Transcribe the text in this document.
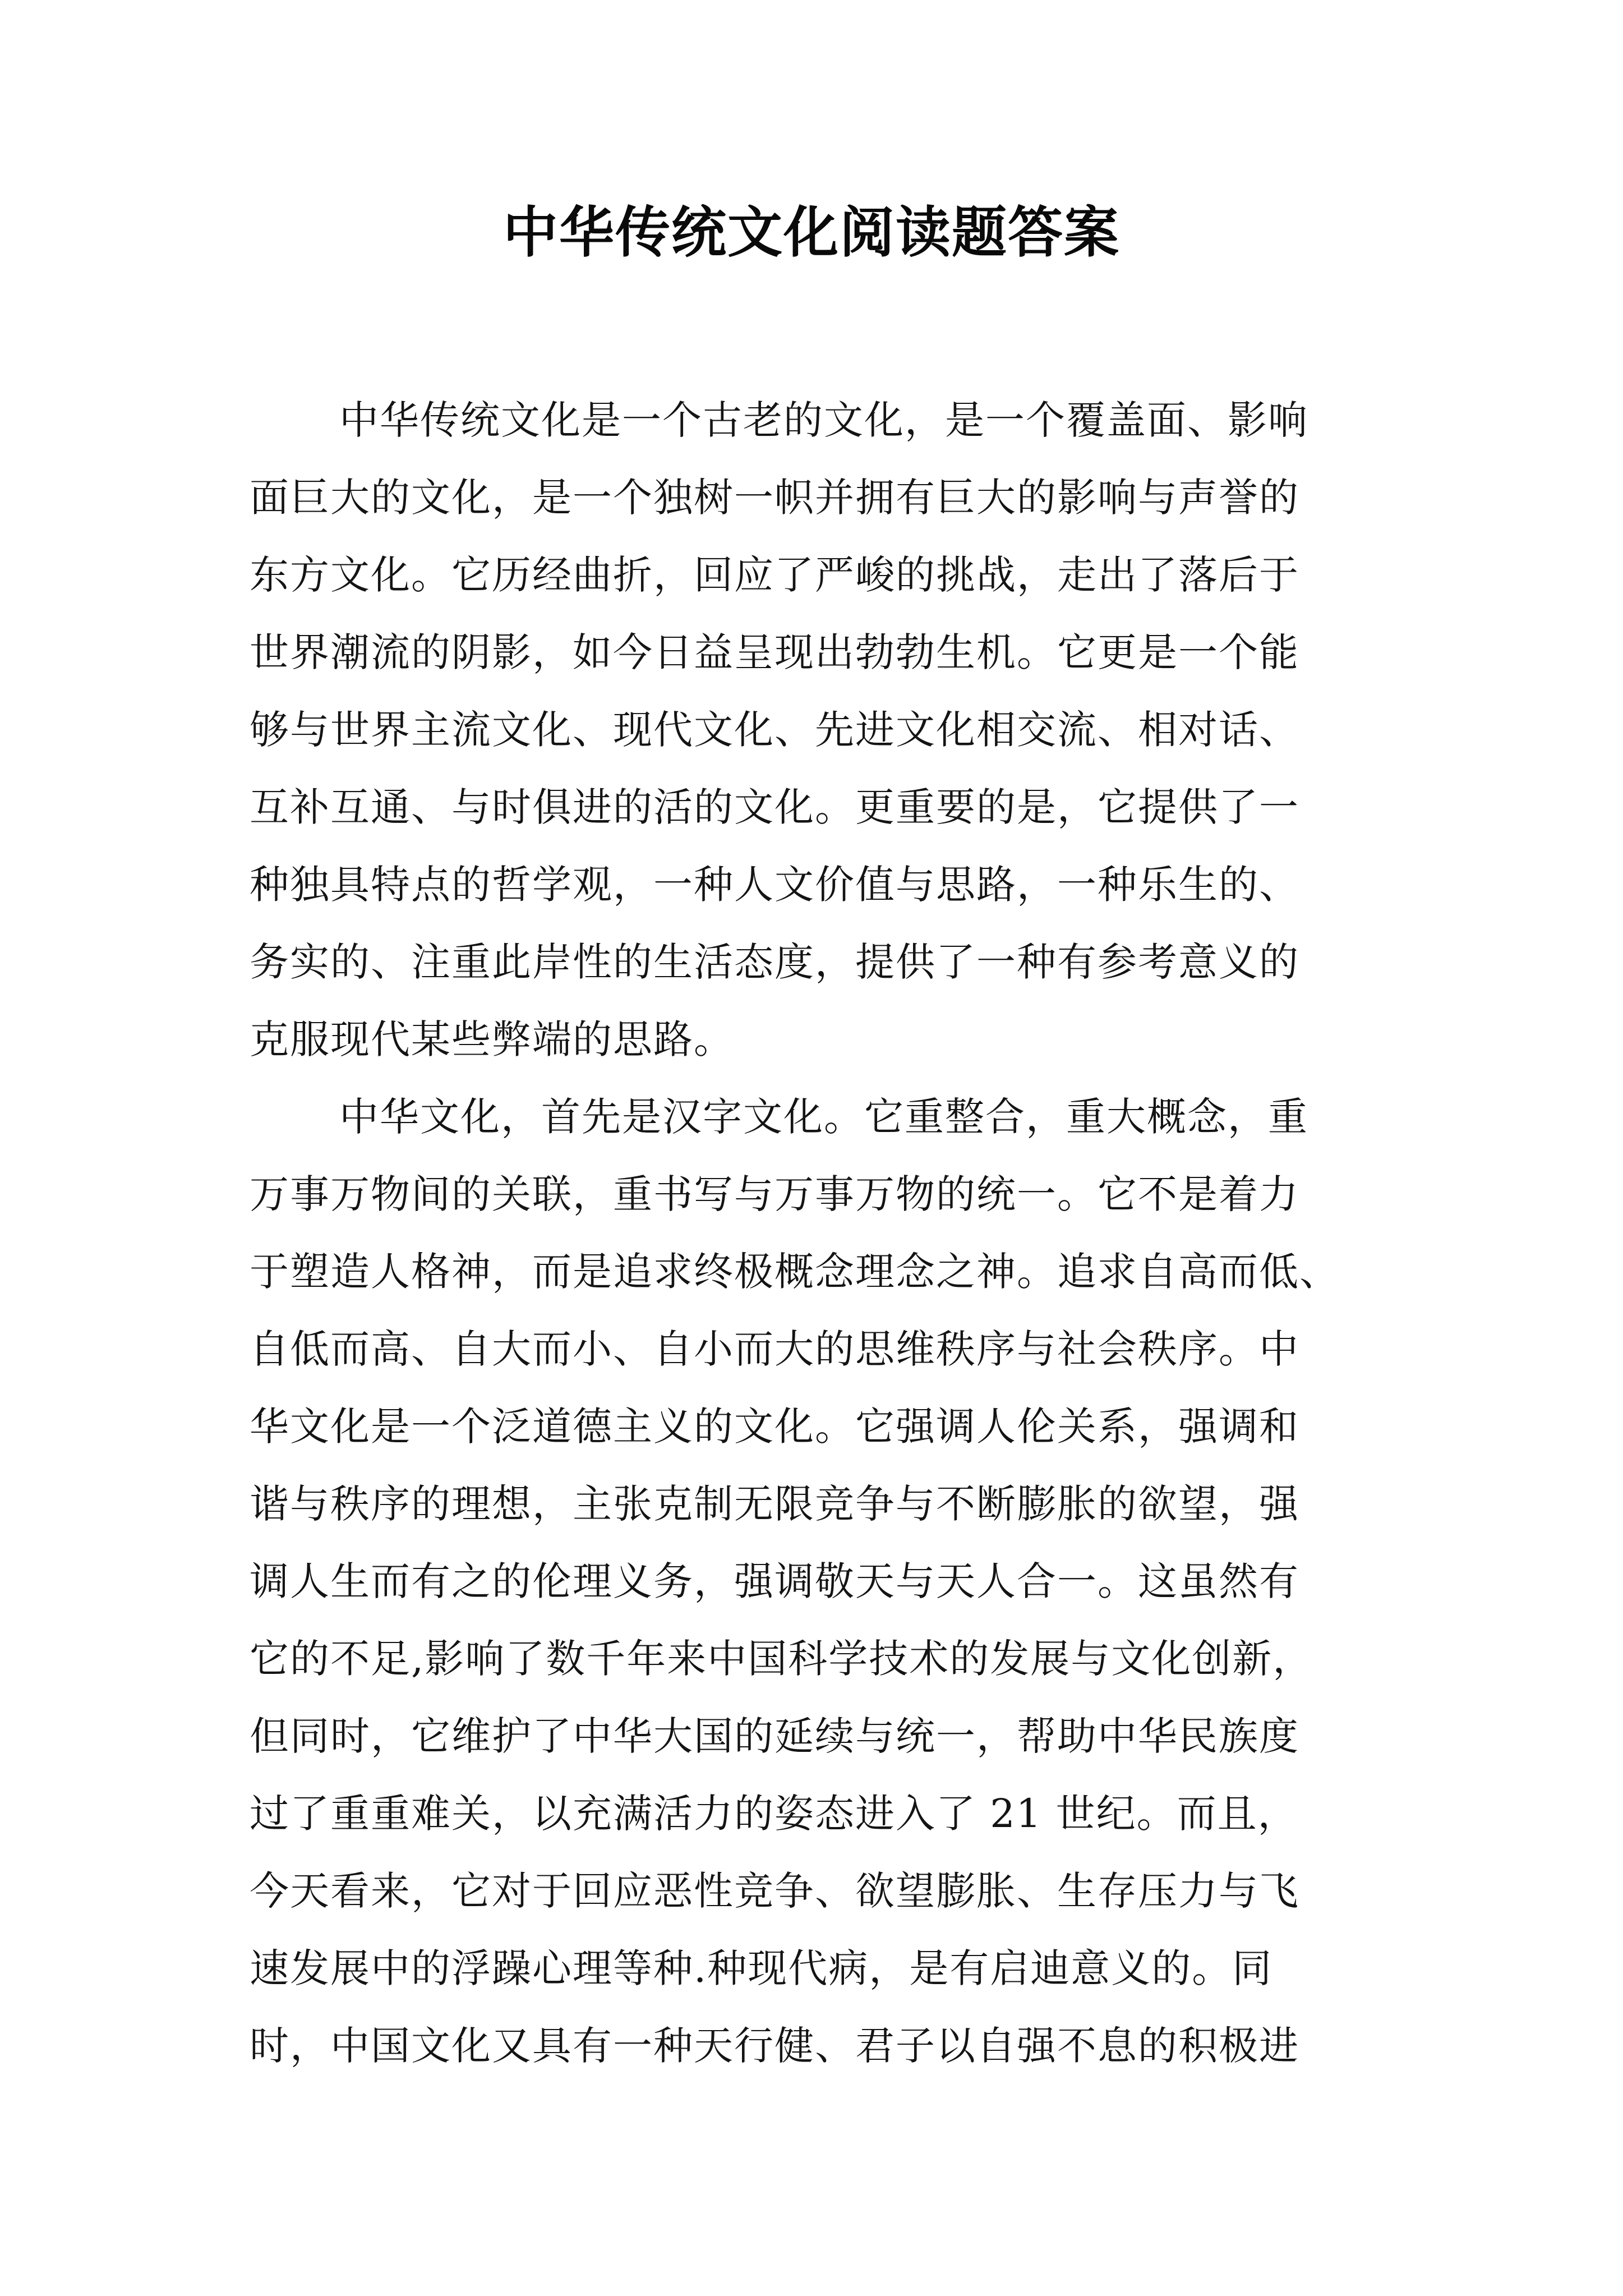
中华传统文化阅读题答案

中华传统文化是一个古老的文化，是一个覆盖面、影响
面巨大的文化，是一个独树一帜并拥有巨大的影响与声誉的
东方文化。它历经曲折，回应了严峻的挑战，走出了落后于
世界潮流的阴影，如今日益呈现出勃勃生机。它更是一个能
够与世界主流文化、现代文化、先进文化相交流、相对话、
互补互通、与时俱进的活的文化。更重要的是，它提供了一
种独具特点的哲学观，一种人文价值与思路，一种乐生的、
务实的、注重此岸性的生活态度，提供了一种有参考意义的
克服现代某些弊端的思路。

中华文化，首先是汉字文化。它重整合，重大概念，重
万事万物间的关联，重书写与万事万物的统一。它不是着力
于塑造人格神，而是追求终极概念理念之神。追求自高而低、
自低而高、自大而小、自小而大的思维秩序与社会秩序。中
华文化是一个泛道德主义的文化。它强调人伦关系，强调和
谐与秩序的理想，主张克制无限竞争与不断膨胀的欲望，强
调人生而有之的伦理义务，强调敬天与天人合一。这虽然有
它的不足,影响了数千年来中国科学技术的发展与文化创新，
但同时，它维护了中华大国的延续与统一，帮助中华民族度
过了重重难关，以充满活力的姿态进入了 21 世纪。而且，
今天看来，它对于回应恶性竞争、欲望膨胀、生存压力与飞
速发展中的浮躁心理等种.种现代病，是有启迪意义的。同
时，中国文化又具有一种天行健、君子以自强不息的积极进
